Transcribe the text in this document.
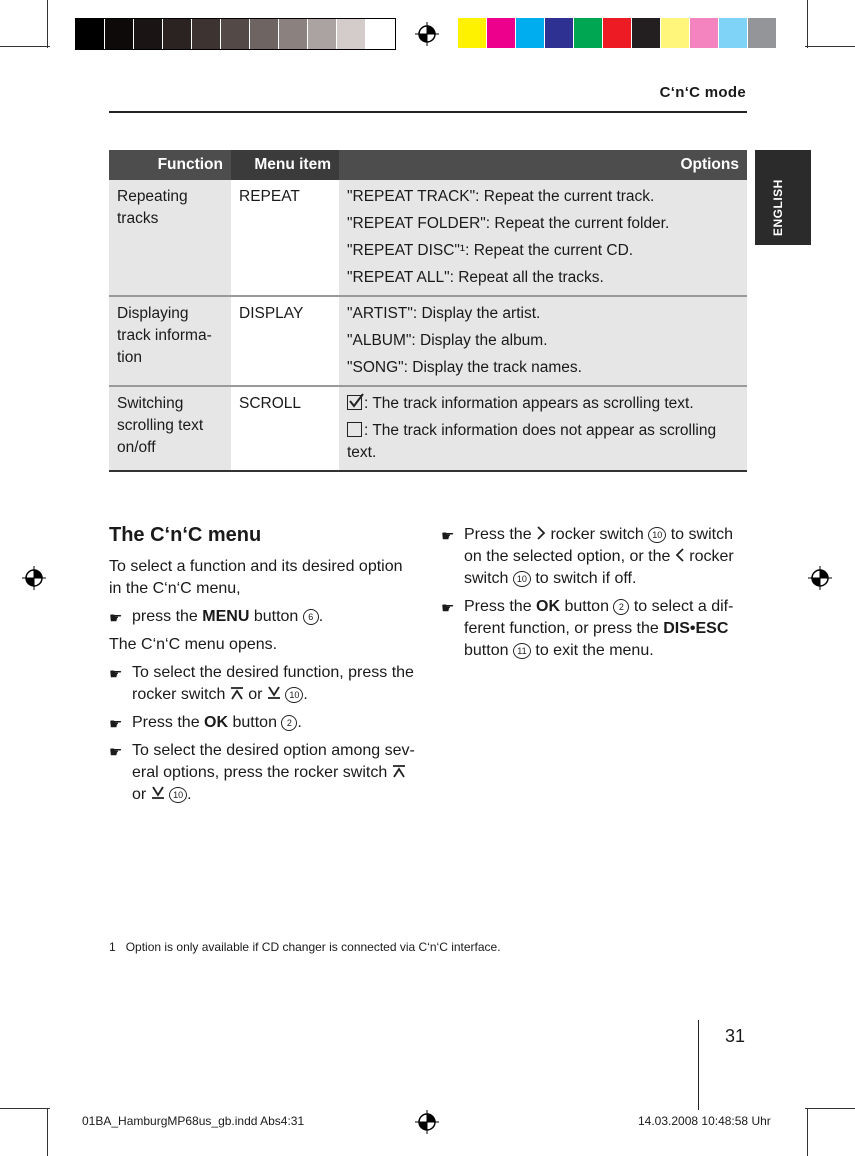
C‘n‘C mode
ENGLISH
Function	Menu item	Options
Repeating tracks	REPEAT	"REPEAT TRACK": Repeat the current track.
"REPEAT FOLDER": Repeat the current folder.
"REPEAT DISC"¹: Repeat the current CD.
"REPEAT ALL": Repeat all the tracks.

Displaying track informa-tion	DISPLAY	"ARTIST": Display the artist.
"ALBUM": Display the album.
"SONG": Display the track names.

Switching scrolling text on/off	SCROLL	: The track information appears as scrolling text.
: The track information does not appear as scrolling text.
The C‘n‘C menu

To select a function and its desired option in the C‘n‘C menu,

☛ press the MENU button 6 .

The C‘n‘C menu opens.

☛ To select the desired function, press the rocker switch  or  10 .
☛ Press the OK button 2 .
☛ To select the desired option among sev-eral options, press the rocker switch  or  10 .
☛ Press the  rocker switch 10 to switch on the selected option, or the  rocker switch 10 to switch if off.
☛ Press the OK button 2 to select a dif-ferent function, or press the DIS•ESC button 11 to exit the menu.
1 Option is only available if CD changer is connected via C‘n‘C interface.
31
01BA_HamburgMP68us_gb.indd Abs4:31	14.03.2008 10:48:58 Uhr
